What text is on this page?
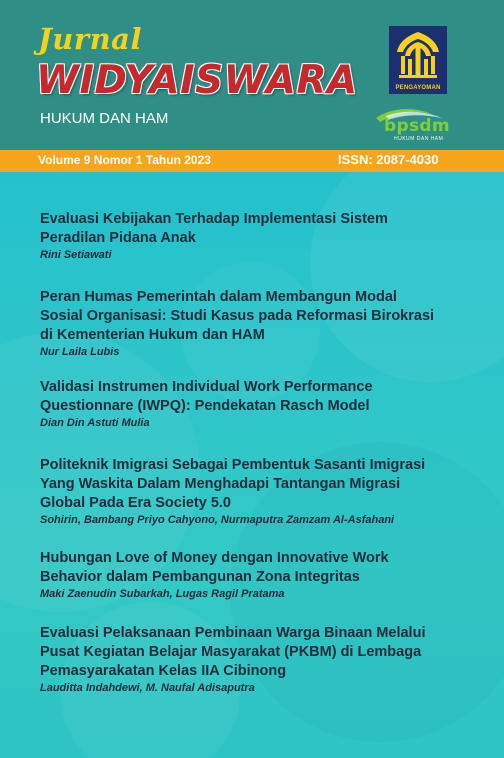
Jurnal
WIDYAISWARA
HUKUM DAN HAM
PENGAYOMAN
bpsdm
HUKUM DAN HAM
Volume 9 Nomor 1 Tahun 2023	ISSN: 2087-4030
Evaluasi Kebijakan Terhadap Implementasi Sistem
Peradilan Pidana Anak
Rini Setiawati
Peran Humas Pemerintah dalam Membangun Modal
Sosial Organisasi: Studi Kasus pada Reformasi Birokrasi
di Kementerian Hukum dan HAM
Nur Laila Lubis
Validasi Instrumen Individual Work Performance
Questionnare (IWPQ): Pendekatan Rasch Model
Dian Din Astuti Mulia
Politeknik Imigrasi Sebagai Pembentuk Sasanti Imigrasi
Yang Waskita Dalam Menghadapi Tantangan Migrasi
Global Pada Era Society 5.0
Sohirin, Bambang Priyo Cahyono, Nurmaputra Zamzam Al-Asfahani
Hubungan Love of Money dengan Innovative Work
Behavior dalam Pembangunan Zona Integritas
Maki Zaenudin Subarkah, Lugas Ragil Pratama
Evaluasi Pelaksanaan Pembinaan Warga Binaan Melalui
Pusat Kegiatan Belajar Masyarakat (PKBM) di Lembaga
Pemasyarakatan Kelas IIA Cibinong
Lauditta Indahdewi, M. Naufal Adisaputra
